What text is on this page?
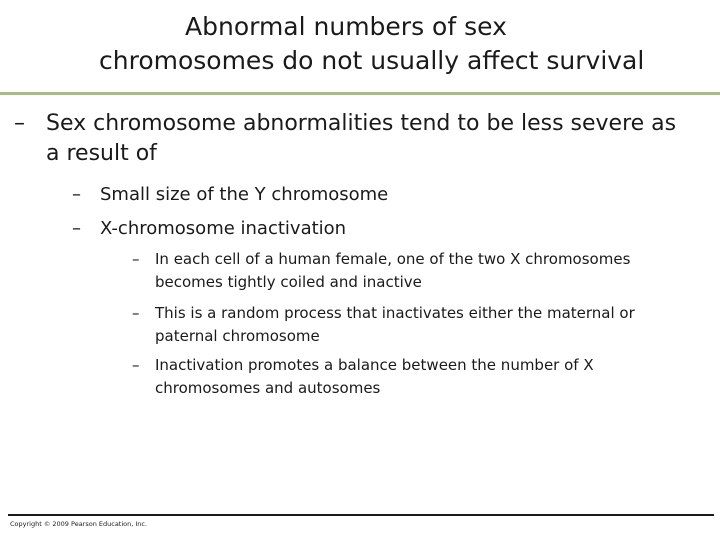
Abnormal numbers of sex
chromosomes do not usually affect survival

– Sex chromosome abnormalities tend to be less severe as a result of

– Small size of the Y chromosome

– X-chromosome inactivation

– In each cell of a human female, one of the two X chromosomes becomes tightly coiled and inactive

– This is a random process that inactivates either the maternal or paternal chromosome

– Inactivation promotes a balance between the number of X chromosomes and autosomes

Copyright © 2009 Pearson Education, Inc.
